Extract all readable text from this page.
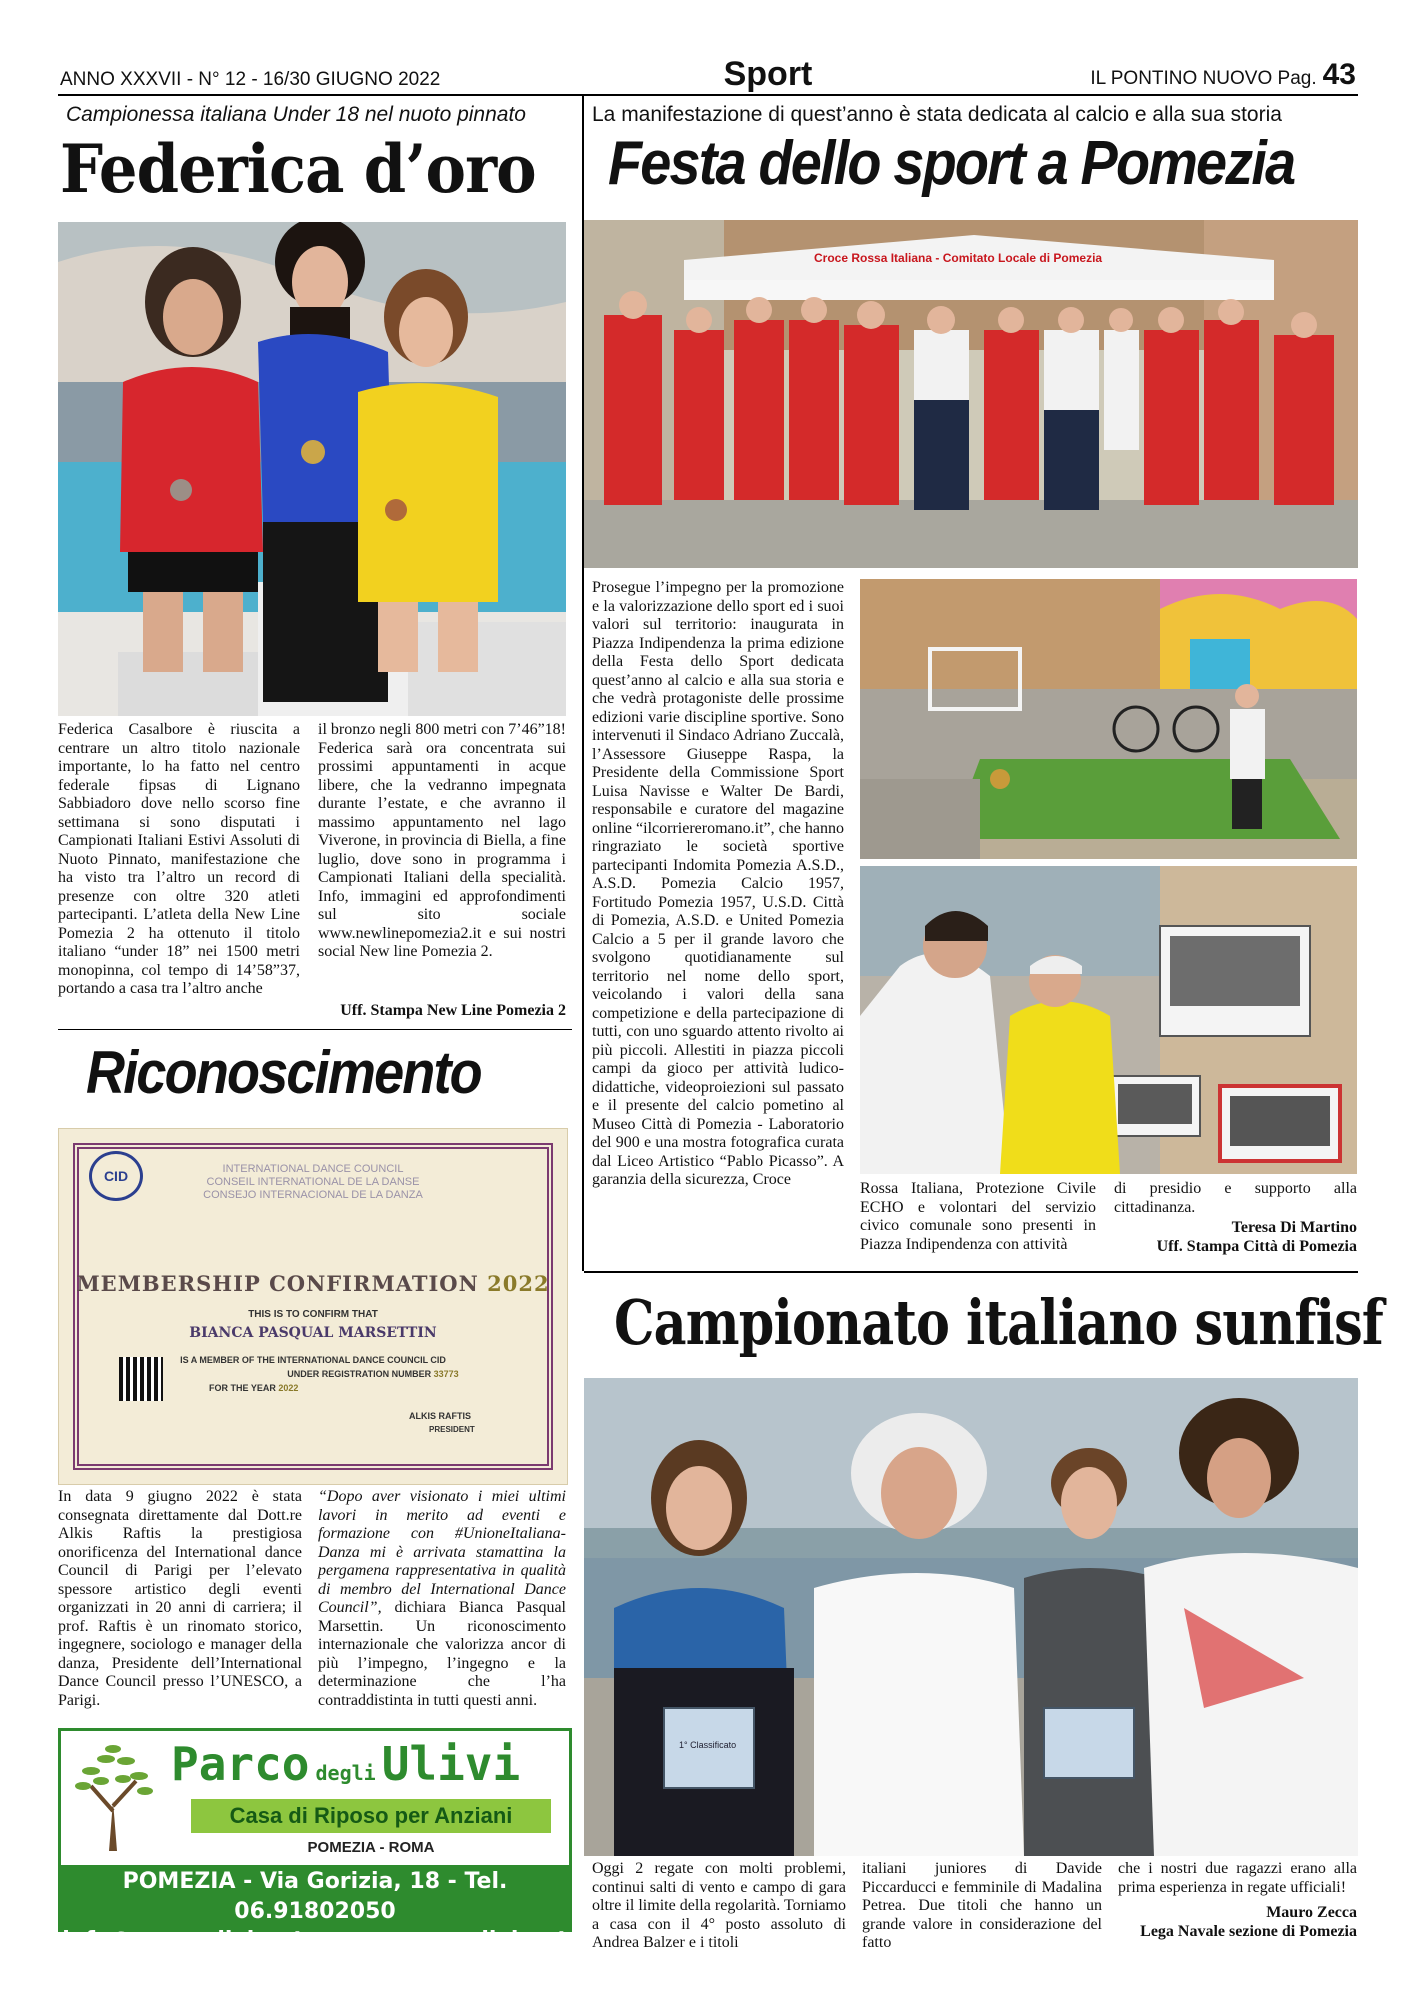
ANNO XXXVII - N° 12 - 16/30 GIUGNO 2022	Sport	IL PONTINO NUOVO Pag. 43
Campionessa italiana Under 18 nel nuoto pinnato
Federica d’oro
Federica Casalbore è riuscita a centrare un altro titolo nazionale importante, lo ha fatto nel centro federale fipsas di Lignano Sabbiadoro dove nello scorso fine settimana si sono disputati i Campionati Italiani Estivi Assoluti di Nuoto Pinnato, manifestazione che ha visto tra l’altro un record di presenze con oltre 320 atleti partecipanti. L’atleta della New Line Pomezia 2 ha ottenuto il titolo italiano “under 18” nei 1500 metri monopinna, col tempo di 14’58”37, portando a casa tra l’altro anche
il bronzo negli 800 metri con 7’46”18! Federica sarà ora concentrata sui prossimi appuntamenti in acque libere, che la vedranno impegnata durante l’estate, e che avranno il massimo appuntamento nel lago Viverone, in provincia di Biella, a fine luglio, dove sono in programma i Campionati Italiani della specialità. Info, immagini ed approfondimenti sul sito sociale www.newlinepomezia2.it e sui nostri social New line Pomezia 2.
Uff. Stampa New Line Pomezia 2
La manifestazione di quest’anno è stata dedicata al calcio e alla sua storia
Festa dello sport a Pomezia
Croce Rossa Italiana - Comitato Locale di Pomezia
Prosegue l’impegno per la promozione e la valorizzazione dello sport ed i suoi valori sul territorio: inaugurata in Piazza Indipendenza la prima edizione della Festa dello Sport dedicata quest’anno al calcio e alla sua storia e che vedrà protagoniste delle prossime edizioni varie discipline sportive. Sono intervenuti il Sindaco Adriano Zuccalà, l’Assessore Giuseppe Raspa, la Presidente della Commissione Sport Luisa Navisse e Walter De Bardi, responsabile e curatore del magazine online “ilcorriereromano.it”, che hanno ringraziato le società sportive partecipanti Indomita Pomezia A.S.D., A.S.D. Pomezia Calcio 1957, Fortitudo Pomezia 1957, U.S.D. Città di Pomezia, A.S.D. e United Pomezia Calcio a 5 per il grande lavoro che svolgono quotidianamente sul territorio nel nome dello sport, veicolando i valori della sana competizione e della partecipazione di tutti, con uno sguardo attento rivolto ai più piccoli. Allestiti in piazza piccoli campi da gioco per attività ludico-didattiche, videoproiezioni sul passato e il presente del calcio pometino al Museo Città di Pomezia - Laboratorio del 900 e una mostra fotografica curata dal Liceo Artistico “Pablo Picasso”. A garanzia della sicurezza, Croce
Rossa Italiana, Protezione Civile ECHO e volontari del servizio civico comunale sono presenti in Piazza Indipendenza con attività
di presidio e supporto alla cittadinanza.
Teresa Di Martino
Uff. Stampa Città di Pomezia
Riconoscimento
CID	INTERNATIONAL DANCE COUNCIL
CONSEIL INTERNATIONAL DE LA DANSE
CONSEJO INTERNACIONAL DE LA DANZA
MEMBERSHIP CONFIRMATION 2022
THIS IS TO CONFIRM THAT
BIANCA PASQUAL MARSETTIN
IS A MEMBER OF THE INTERNATIONAL DANCE COUNCIL CID
UNDER REGISTRATION NUMBER 33773
FOR THE YEAR 2022
ALKIS RAFTIS
PRESIDENT
In data 9 giugno 2022 è stata consegnata direttamente dal Dott.re Alkis Raftis la prestigiosa onorificenza del International dance Council di Parigi per l’elevato spessore artistico degli eventi organizzati in 20 anni di carriera; il prof. Raftis è un rinomato storico, ingegnere, sociologo e manager della danza, Presidente dell’International Dance Council presso l’UNESCO, a Parigi.
“Dopo aver visionato i miei ultimi lavori in merito ad eventi e formazione con #UnioneItaliana-Danza mi è arrivata stamattina la pergamena rappresentativa in qualità di membro del International Dance Council”, dichiara Bianca Pasqual Marsettin. Un riconoscimento internazionale che valorizza ancor di più l’impegno, l’ingegno e la determinazione che l’ha contraddistinta in tutti questi anni.
Parco degli Ulivi
Casa di Riposo per Anziani
POMEZIA - ROMA
POMEZIA - Via Gorizia, 18 - Tel. 06.91802050
info@parcoulivi.net - www.parcoulivi.net
Campionato italiano sunfisf
1° Classificato
Oggi 2 regate con molti problemi, continui salti di vento e campo di gara oltre il limite della regolarità. Torniamo a casa con il 4° posto assoluto di Andrea Balzer e i titoli
italiani juniores di Davide Piccarducci e femminile di Madalina Petrea. Due titoli che hanno un grande valore in considerazione del fatto
che i nostri due ragazzi erano alla prima esperienza in regate ufficiali!
Mauro Zecca
Lega Navale sezione di Pomezia
